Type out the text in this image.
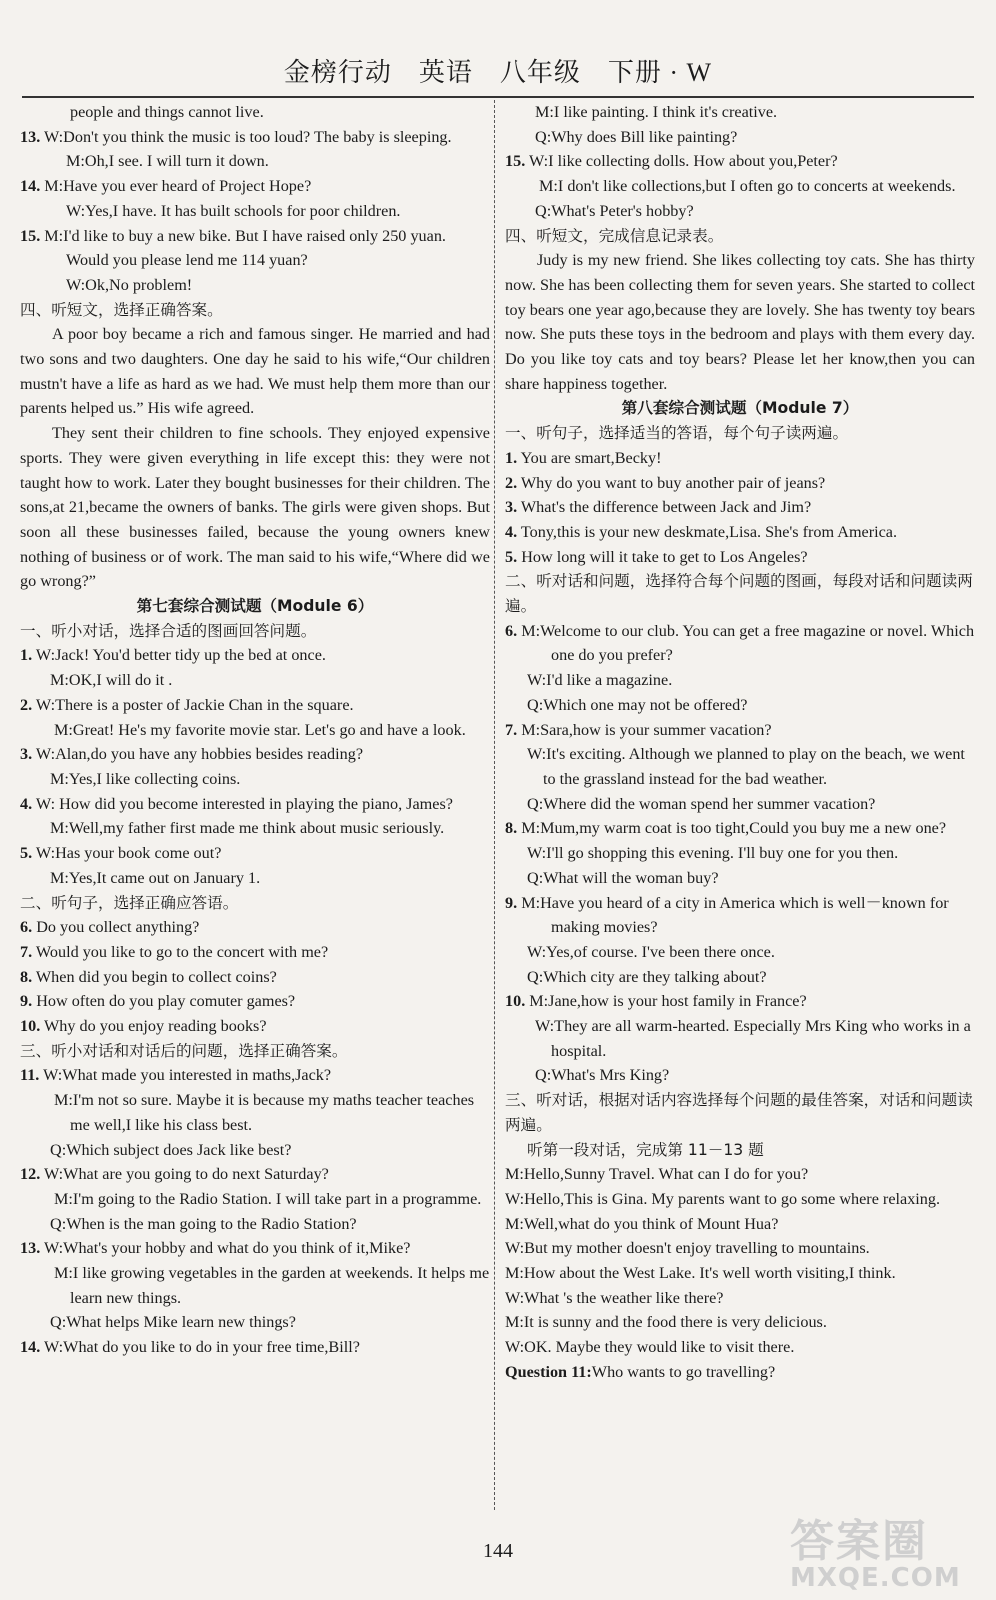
金榜行动　英语　八年级　下册 · W

people and things cannot live.

13. W:Don't you think the music is too loud? The baby is sleeping.

M:Oh,I see. I will turn it down.

14. M:Have you ever heard of Project Hope?

W:Yes,I have. It has built schools for poor children.

15. M:I'd like to buy a new bike. But I have raised only 250 yuan. Would you please lend me 114 yuan?

W:Ok,No problem!

四、听短文，选择正确答案。

A poor boy became a rich and famous singer. He married and had two sons and two daughters. One day he said to his wife,“Our children mustn't have a life as hard as we had. We must help them more than our parents helped us.” His wife agreed.

They sent their children to fine schools. They enjoyed expensive sports. They were given everything in life except this: they were not taught how to work. Later they bought businesses for their children. The sons,at 21,became the owners of banks. The girls were given shops. But soon all these businesses failed, because the young owners knew nothing of business or of work. The man said to his wife,“Where did we go wrong?”

第七套综合测试题（Module 6）

一、听小对话，选择合适的图画回答问题。

1. W:Jack! You'd better tidy up the bed at once.

M:OK,I will do it .

2. W:There is a poster of Jackie Chan in the square.

M:Great! He's my favorite movie star. Let's go and have a look.

3. W:Alan,do you have any hobbies besides reading?

M:Yes,I like collecting coins.

4. W: How did you become interested in playing the piano, James?

M:Well,my father first made me think about music seriously.

5. W:Has your book come out?

M:Yes,It came out on January 1.

二、听句子，选择正确应答语。

6. Do you collect anything?

7. Would you like to go to the concert with me?

8. When did you begin to collect coins?

9. How often do you play comuter games?

10. Why do you enjoy reading books?

三、听小对话和对话后的问题，选择正确答案。

11. W:What made you interested in maths,Jack?

M:I'm not so sure. Maybe it is because my maths teacher teaches me well,I like his class best.

Q:Which subject does Jack like best?

12. W:What are you going to do next Saturday?

M:I'm going to the Radio Station. I will take part in a programme.

Q:When is the man going to the Radio Station?

13. W:What's your hobby and what do you think of it,Mike?

M:I like growing vegetables in the garden at weekends. It helps me learn new things.

Q:What helps Mike learn new things?

14. W:What do you like to do in your free time,Bill?

M:I like painting. I think it's creative.

Q:Why does Bill like painting?

15. W:I like collecting dolls. How about you,Peter?

M:I don't like collections,but I often go to concerts at weekends.

Q:What's Peter's hobby?

四、听短文，完成信息记录表。

Judy is my new friend. She likes collecting toy cats. She has thirty now. She has been collecting them for seven years. She started to collect toy bears one year ago,because they are lovely. She has twenty toy bears now. She puts these toys in the bedroom and plays with them every day. Do you like toy cats and toy bears? Please let her know,then you can share happiness together.

第八套综合测试题（Module 7）

一、听句子，选择适当的答语，每个句子读两遍。

1. You are smart,Becky!

2. Why do you want to buy another pair of jeans?

3. What's the difference between Jack and Jim?

4. Tony,this is your new deskmate,Lisa. She's from America.

5. How long will it take to get to Los Angeles?

二、听对话和问题，选择符合每个问题的图画，每段对话和问题读两遍。

6. M:Welcome to our club. You can get a free magazine or novel. Which one do you prefer?

W:I'd like a magazine.

Q:Which one may not be offered?

7. M:Sara,how is your summer vacation?

W:It's exciting. Although we planned to play on the beach, we went to the grassland instead for the bad weather.

Q:Where did the woman spend her summer vacation?

8. M:Mum,my warm coat is too tight,Could you buy me a new one?

W:I'll go shopping this evening. I'll buy one for you then.

Q:What will the woman buy?

9. M:Have you heard of a city in America which is well－known for making movies?

W:Yes,of course. I've been there once.

Q:Which city are they talking about?

10. M:Jane,how is your host family in France?

W:They are all warm-hearted. Especially Mrs King who works in a hospital.

Q:What's Mrs King?

三、听对话，根据对话内容选择每个问题的最佳答案，对话和问题读两遍。

听第一段对话，完成第 11－13 题

M:Hello,Sunny Travel. What can I do for you?

W:Hello,This is Gina. My parents want to go some where relaxing.

M:Well,what do you think of Mount Hua?

W:But my mother doesn't enjoy travelling to mountains.

M:How about the West Lake. It's well worth visiting,I think.

W:What 's the weather like there?

M:It is sunny and the food there is very delicious.

W:OK. Maybe they would like to visit there.

Question 11:Who wants to go travelling?

144	答案圈
MXQE.COM
